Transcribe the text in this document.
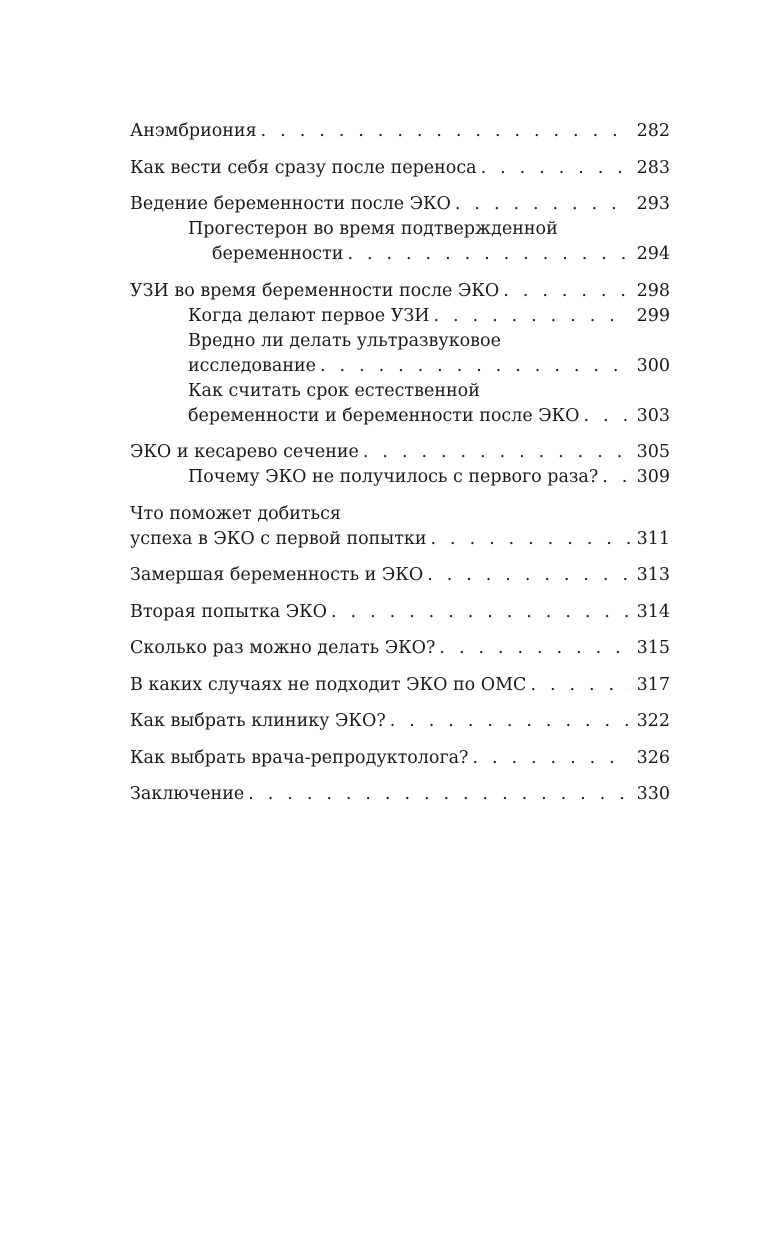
Анэмбриония . . .	282
Как вести себя сразу после переноса . . .	283
Ведение беременности после ЭКО . . .	293
Прогестерон во время подтвержденной
беременности . . .	294
УЗИ во время беременности после ЭКО . . .	298
Когда делают первое УЗИ . . .	299
Вредно ли делать ультразвуковое
исследование . . .	300
Как считать срок естественной
беременности и беременности после ЭКО . . .	303
ЭКО и кесарево сечение . . .	305
Почему ЭКО не получилось с первого раза? . . . 309
Что поможет добиться
успеха в ЭКО с первой попытки . . .	311
Замершая беременность и ЭКО . . .	313
Вторая попытка ЭКО . . .	314
Сколько раз можно делать ЭКО? . . .	315
В каких случаях не подходит ЭКО по ОМС . . .	317
Как выбрать клинику ЭКО? . . .	322
Как выбрать врача-репродуктолога? . . .	326
Заключение . . .	330
